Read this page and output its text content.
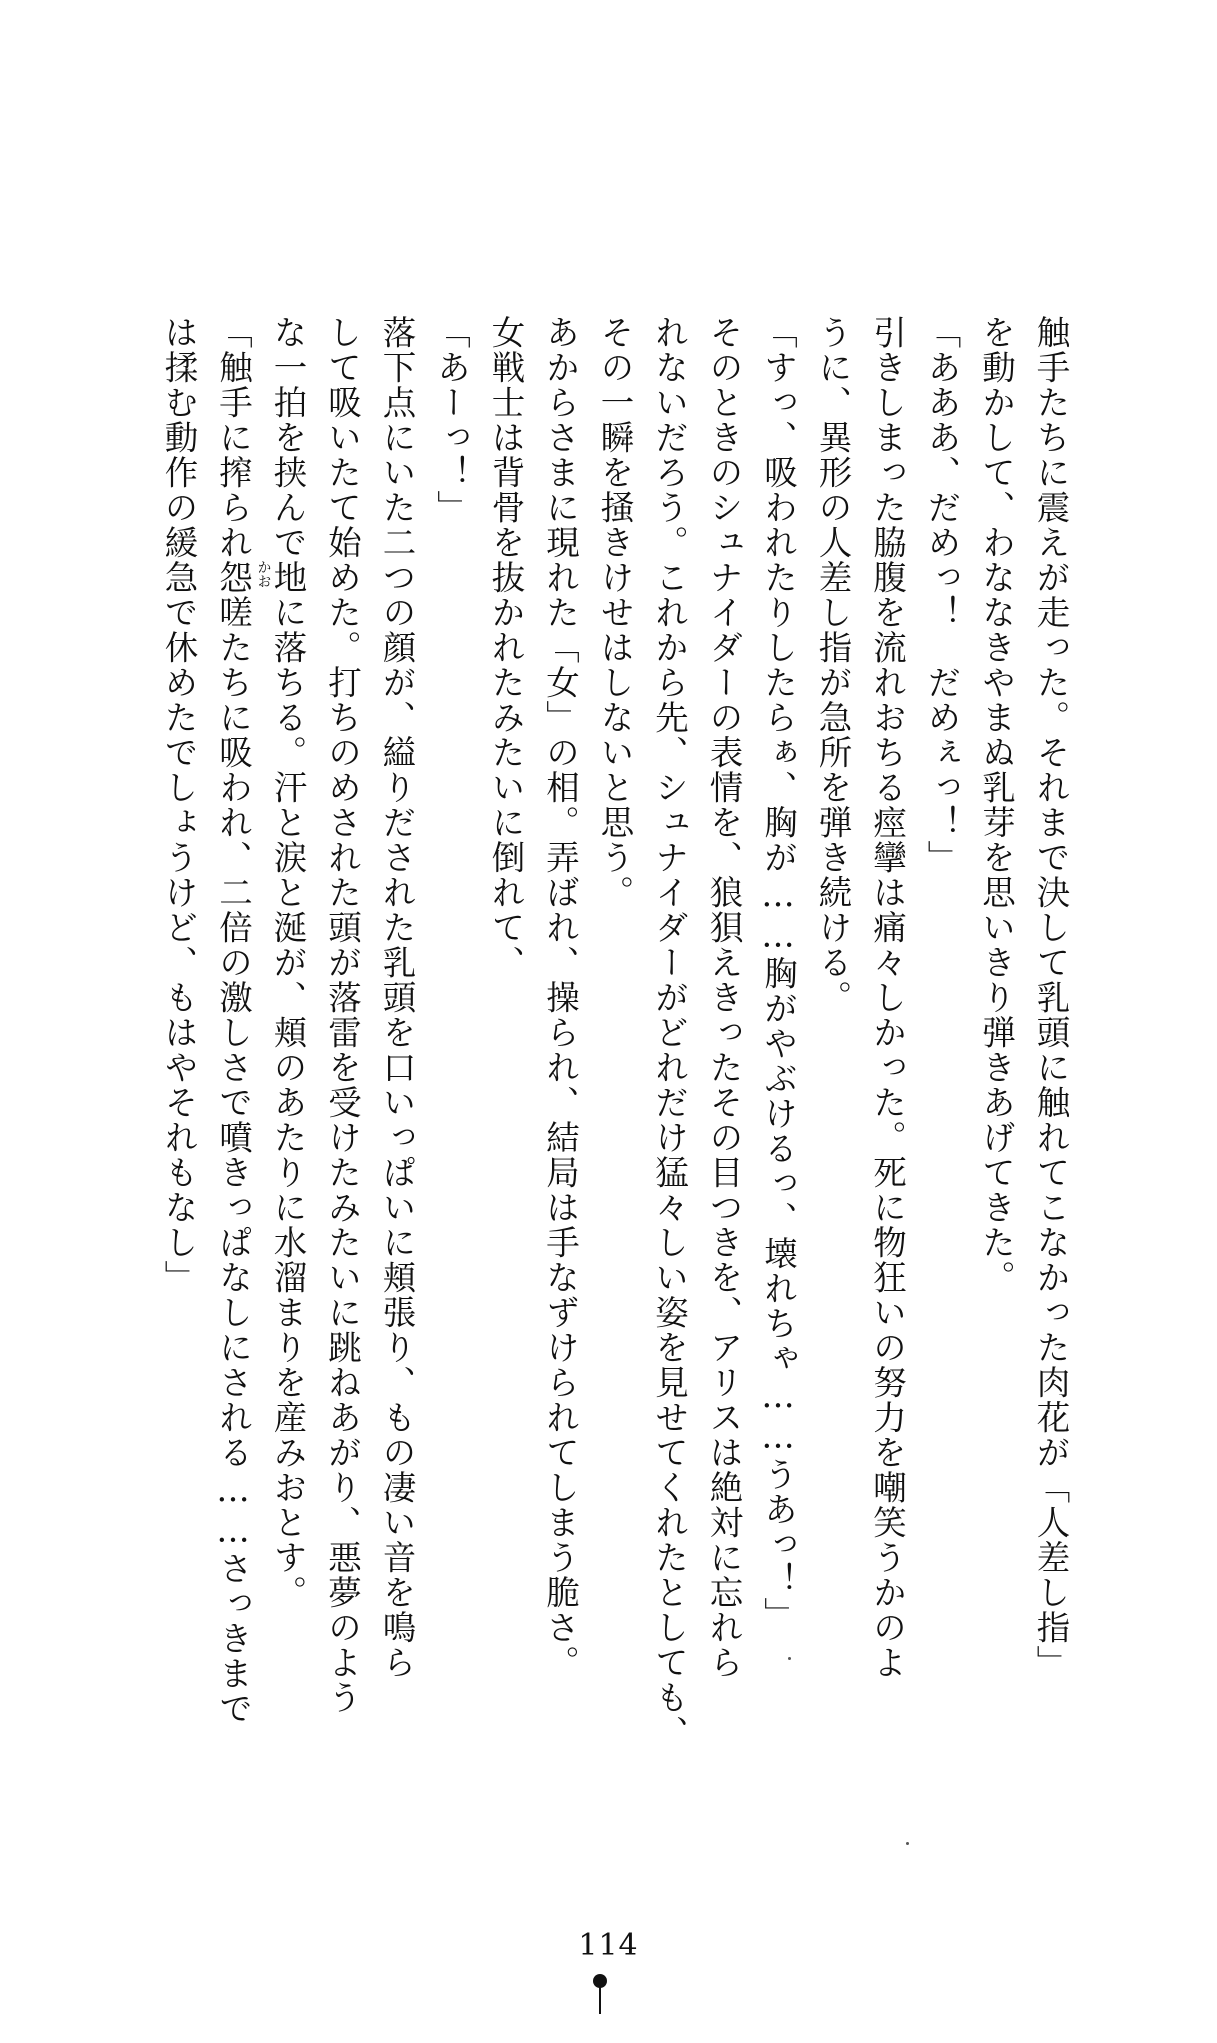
触手たちに震えが走った。それまで決して乳頭に触れてこなかった肉花が「人差し指」
を動かして、わななきやまぬ乳芽を思いきり弾きあげてきた。
「あああ、だめっ！　だめぇっ！」
引きしまった脇腹を流れおちる痙攣は痛々しかった。死に物狂いの努力を嘲笑うかのよ
うに、異形の人差し指が急所を弾き続ける。
「すっ、吸われたりしたらぁ、胸が……胸がやぶけるっ、壊れちゃ……うあっ！」
そのときのシュナイダーの表情を、狼狽えきったその目つきを、アリスは絶対に忘れら
れないだろう。これから先、シュナイダーがどれだけ猛々しい姿を見せてくれたとしても、
その一瞬を掻きけせはしないと思う。
あからさまに現れた「女」の相。弄ばれ、操られ、結局は手なずけられてしまう脆さ。
女戦士は背骨を抜かれたみたいに倒れて、
「あーっ！」
落下点にいた二つの顔が、縊りだされた乳頭を口いっぱいに頬張り、もの凄い音を鳴ら
して吸いたて始めた。打ちのめされた頭が落雷を受けたみたいに跳ねあがり、悪夢のよう
な一拍を挟んで地に落ちる。汗と涙と涎が、頬のあたりに水溜まりを産みおとす。
「触手に搾られ怨嗟 かお
たちに吸われ、二倍の激しさで噴きっぱなしにされる……さっきまで
は揉む動作の緩急で休めたでしょうけど、もはやそれもなし」
114
